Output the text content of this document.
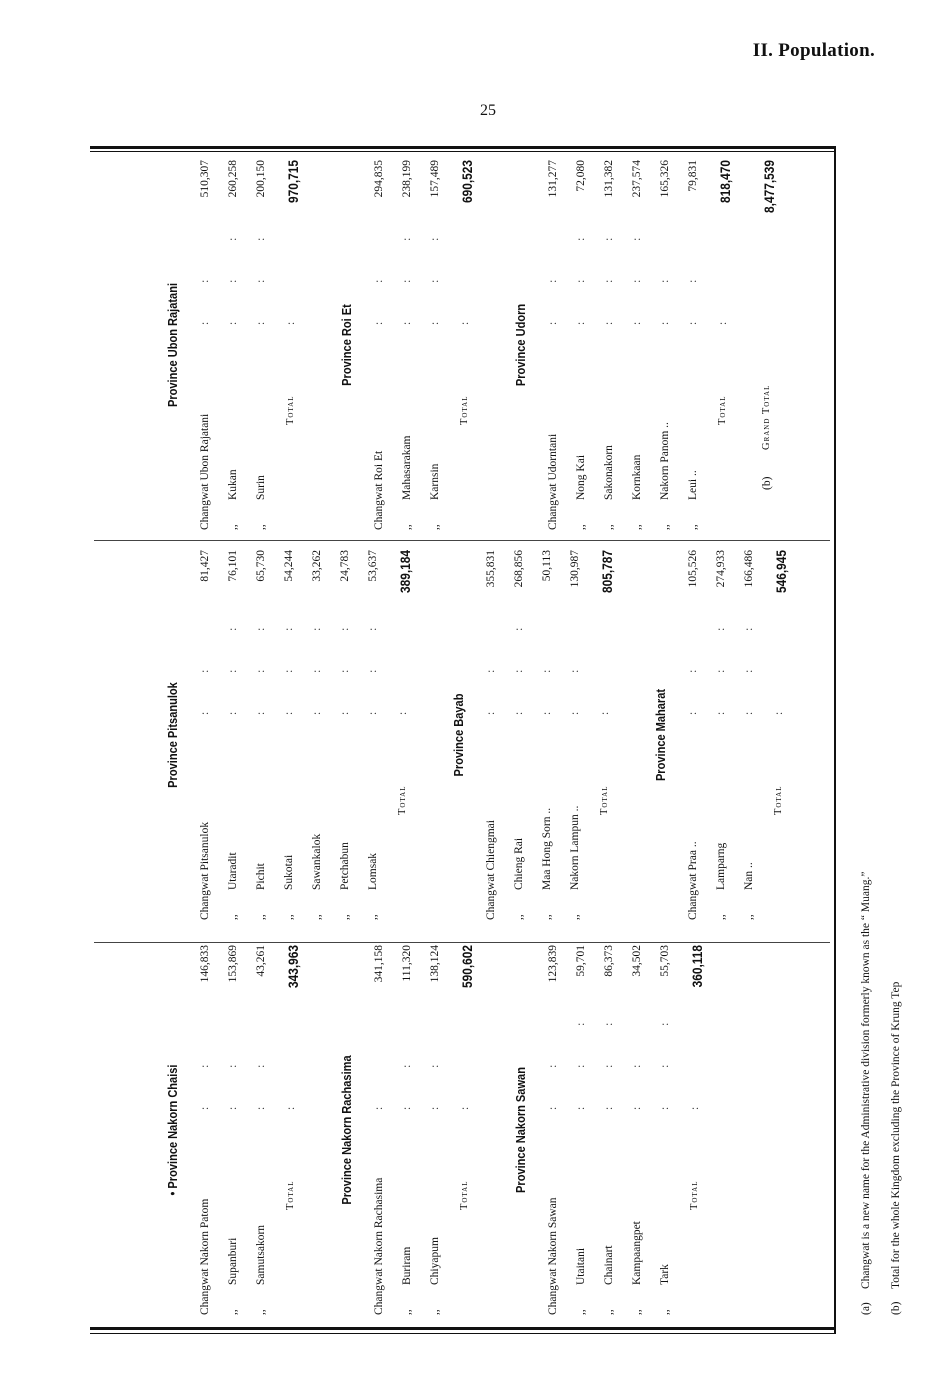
II. Population.
25
• Province Nakorn Chaisi
Changwat Nakorn Patom
: :
146,833
,,
Supanburi
: :
153,869
,,
Samutsakorn
: :
43,261
Total
:
343,963
Province Nakorn Rachasima
Changwat Nakorn Rachasima
:
341,158
,,
Buriram
: :
111,320
,,
Chiyapum
: :
138,124
Total
:
590,602
Province Nakorn Sawan
Changwat Nakorn Sawan
: :
123,839
,,
Utaitani
: : :
59,701
,,
Chainart
: : :
86,373
,,
Kampaangpet
: :
34,502
,,
Tark
: : :
55,703
Total
:
360,118
Province Pitsanulok
Changwat Pitsanulok
: :
81,427
,,
Utaradit
: : :
76,101
,,
Pichit
: : :
65,730
,,
Sukotai
: : :
54,244
,,
Sawankalok
: : :
33,262
,,
Petchabun
: : :
24,783
,,
Lomsak
: : :
53,637
Total
:
389,184
Province Bayab
Changwat Chiengmai
: :
355,831
,,
Chieng Rai
: : :
268,856
,,
Maa Hong Sorn ..
: :
50,113
,,
Nakorn Lampun ..
: :
130,987
Total
:
805,787
Province Maharat
Changwat Praa ..
: :
105,526
,,
Lamparng
: : :
274,933
,,
Nan ..
: : :
166,486
Total
:
546,945
Province Ubon Rajatani
Changwat Ubon Rajatani
: :
510,307
,,
Kukan
: : :
260,258
,,
Surin
: : :
200,150
Total
:
970,715
Province Roi Et
Changwat Roi Et
: :
294,835
,,
Mahasarakam
: : :
238,199
,,
Karnsin
: : :
157,489
Total
:
690,523
Province Udorn
Changwat Udorntani
: :
131,277
,,
Nong Kai
: : :
72,080
,,
Sakonakorn
: : :
131,382
,,
Kornkaan
: : :
237,574
,,
Nakorn Panom ..
: :
165,326
,,
Leui ..
: :
79,831
Total
:
818,470
(b)
Grand Total
8,477,539
(a)Changwat is a new name for the Administrative division formerly known as the “ Muang.”
(b)Total for the whole Kingdom excluding the Province of Krung Tep
